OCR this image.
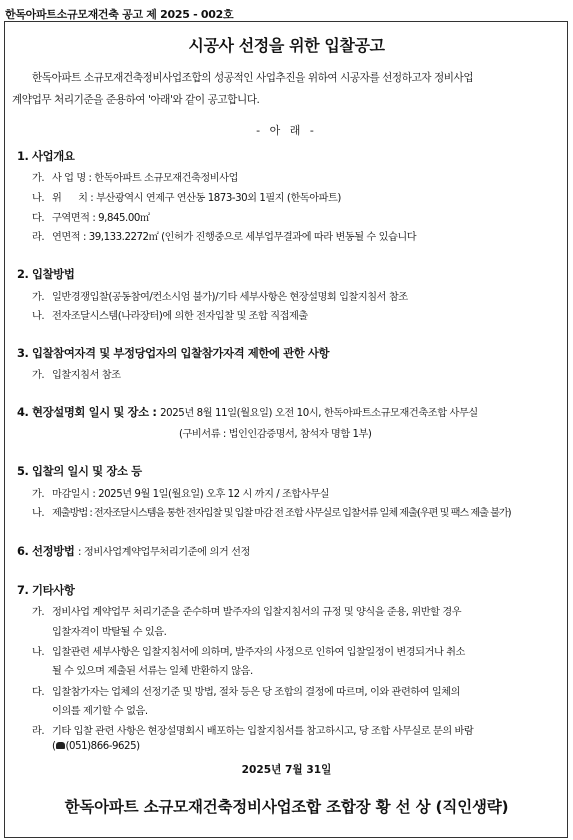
한독아파트소규모재건축 공고 제 2025 - 002호
시공사 선정을 위한 입찰공고
한독아파트 소규모재건축정비사업조합의 성공적인 사업추진을 위하여 시공자를 선정하고자 정비사업
계약업무 처리기준을 준용하여 '아래'와 같이 공고합니다.
- 아 래 -
1. 사업개요
가. 사 업 명 : 한독아파트 소규모재건축정비사업
나. 위      치 : 부산광역시 연제구 연산동 1873-30외 1필지 (한독아파트)
다. 구역면적 : 9,845.00㎡
라. 연면적 : 39,133.2272㎡ (인허가 진행중으로 세부업무결과에 따라 변동될 수 있습니다
2. 입찰방법
가. 일반경쟁입찰(공동참여/컨소시엄 불가)/기타 세부사항은 현장설명회 입찰지침서 참조
나. 전자조달시스템(나라장터)에 의한 전자입찰 및 조합 직접제출
3. 입찰참여자격 및 부정당업자의 입찰참가자격 제한에 관한 사항
가. 입찰지침서 참조
4. 현장설명회 일시 및 장소 : 2025년 8월 11일(월요일) 오전 10시, 한독아파트소규모재건축조합 사무실
(구비서류 : 법인인감증명서, 참석자 명함 1부)
5. 입찰의 일시 및 장소 등
가. 마감일시 : 2025년 9월 1일(월요일) 오후 12 시 까지 / 조합사무실
나. 제출방법 : 전자조달시스템을 통한 전자입찰 및 입찰 마감 전 조합 사무실로 입찰서류 일체 제출(우편 및 팩스 제출 불가)
6. 선정방법 : 정비사업계약업무처리기준에 의거 선정
7. 기타사항
가. 정비사업 계약업무 처리기준을 준수하며 발주자의 입찰지침서의 규정 및 양식을 준용, 위반할 경우
입찰자격이 박탈될 수 있음.
나. 입찰관련 세부사항은 입찰지침서에 의하며, 발주자의 사정으로 인하여 입찰일정이 변경되거나 취소
될 수 있으며 제출된 서류는 일체 반환하지 않음.
다. 입찰참가자는 업체의 선정기준 및 방법, 절차 등은 당 조합의 결정에 따르며, 이와 관련하여 일체의
이의를 제기할 수 없음.
라. 기타 입찰 관련 사항은 현장설명회시 배포하는 입찰지침서를 참고하시고, 당 조합 사무실로 문의 바람
( (051)866-9625)
2025년 7월 31일
한독아파트 소규모재건축정비사업조합 조합장 황 선 상 (직인생략)
